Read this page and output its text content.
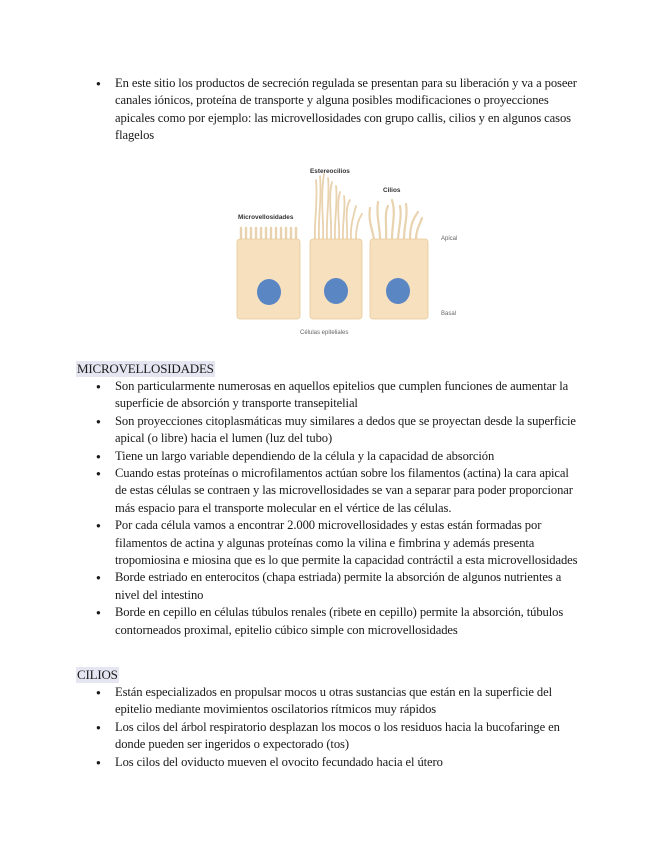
● En este sitio los productos de secreción regulada se presentan para su liberación y va a poseer canales iónicos, proteína de transporte y alguna posibles modificaciones o proyecciones apicales como por ejemplo: las microvellosidades con grupo callis, cilios y en algunos casos flagelos
Estereocilios
Cilios
Microvellosidades
Apical
Basal
Células epiteliales
MICROVELLOSIDADES
● Son particularmente numerosas en aquellos epitelios que cumplen funciones de aumentar la superficie de absorción y transporte transepitelial
● Son proyecciones citoplasmáticas muy similares a dedos que se proyectan desde la superficie apical (o libre) hacia el lumen (luz del tubo)
● Tiene un largo variable dependiendo de la célula y la capacidad de absorción
● Cuando estas proteínas o microfilamentos actúan sobre los filamentos (actina) la cara apical de estas células se contraen y las microvellosidades se van a separar para poder proporcionar más espacio para el transporte molecular en el vértice de las células.
● Por cada célula vamos a encontrar 2.000 microvellosidades y estas están formadas por filamentos de actina y algunas proteínas como la vilina e fimbrina y además presenta tropomiosina e miosina que es lo que permite la capacidad contráctil a esta microvellosidades
● Borde estriado en enterocitos (chapa estriada) permite la absorción de algunos nutrientes a nivel del intestino
● Borde en cepillo en células túbulos renales (ribete en cepillo) permite la absorción, túbulos contorneados proximal, epitelio cúbico simple con microvellosidades
CILIOS
● Están especializados en propulsar mocos u otras sustancias que están en la superficie del epitelio mediante movimientos oscilatorios rítmicos muy rápidos
● Los cilos del árbol respiratorio desplazan los mocos o los residuos hacia la bucofaringe en donde pueden ser ingeridos o expectorado (tos)
● Los cilos del oviducto mueven el ovocito fecundado hacia el útero
